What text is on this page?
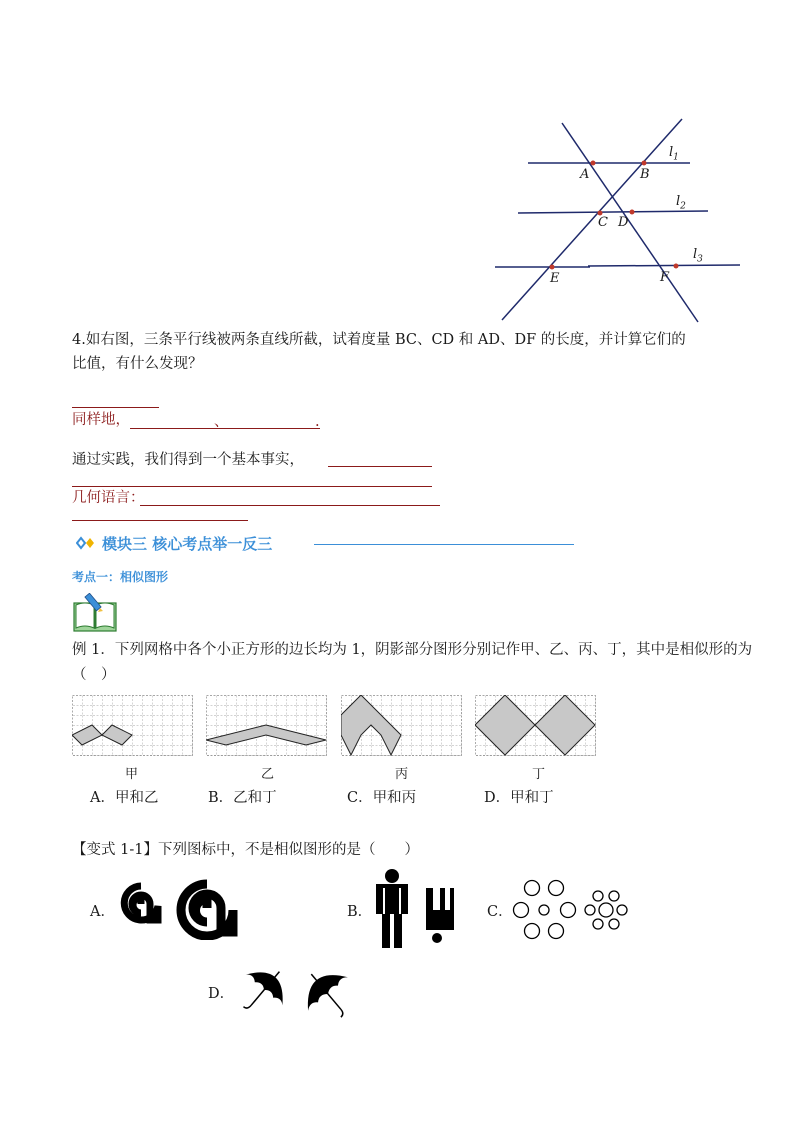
A	B
C D
E	F
$l_1$
$l_2$
$l_3$
4.如右图，三条平行线被两条直线所截，试着度量 BC、CD 和 AD、DF 的长度，并计算它们的
比值，有什么发现？
同样地，	、	.
通过实践，我们得到一个基本事实，
几何语言：
模块三 核心考点举一反三
考点一：相似图形
例 1．下列网格中各个小正方形的边长均为 1，阴影部分图形分别记作甲、乙、丙、丁，其中是相似形的为
（　）
甲	乙	丙	丁
A．甲和乙	B．乙和丁	C．甲和丙	D．甲和丁
【变式 1-1】下列图标中，不是相似图形的是（　　）
A．	B．	C．
D．
